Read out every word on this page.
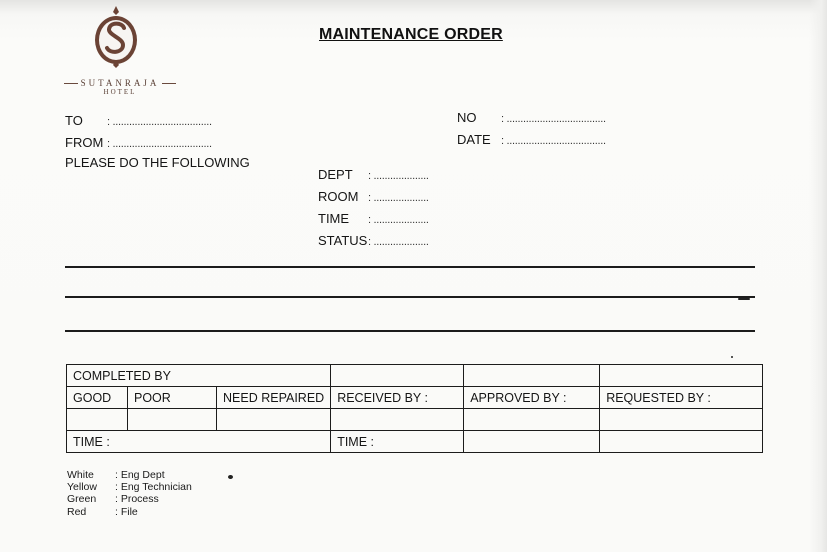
SUTANRAJA
HOTEL
MAINTENANCE ORDER
TO : ....................................
FROM : ....................................
PLEASE DO THE FOLLOWING
NO : ....................................
DATE : ....................................
DEPT : ....................
ROOM : ....................
TIME : ....................
STATUS: ....................
COMPLETED BY					
GOOD	POOR	NEED REPAIRED	RECEIVED BY :	APPROVED BY :	REQUESTED BY :

TIME :			TIME :		
White	: Eng Dept
Yellow	: Eng Technician
Green	: Process
Red	: File
